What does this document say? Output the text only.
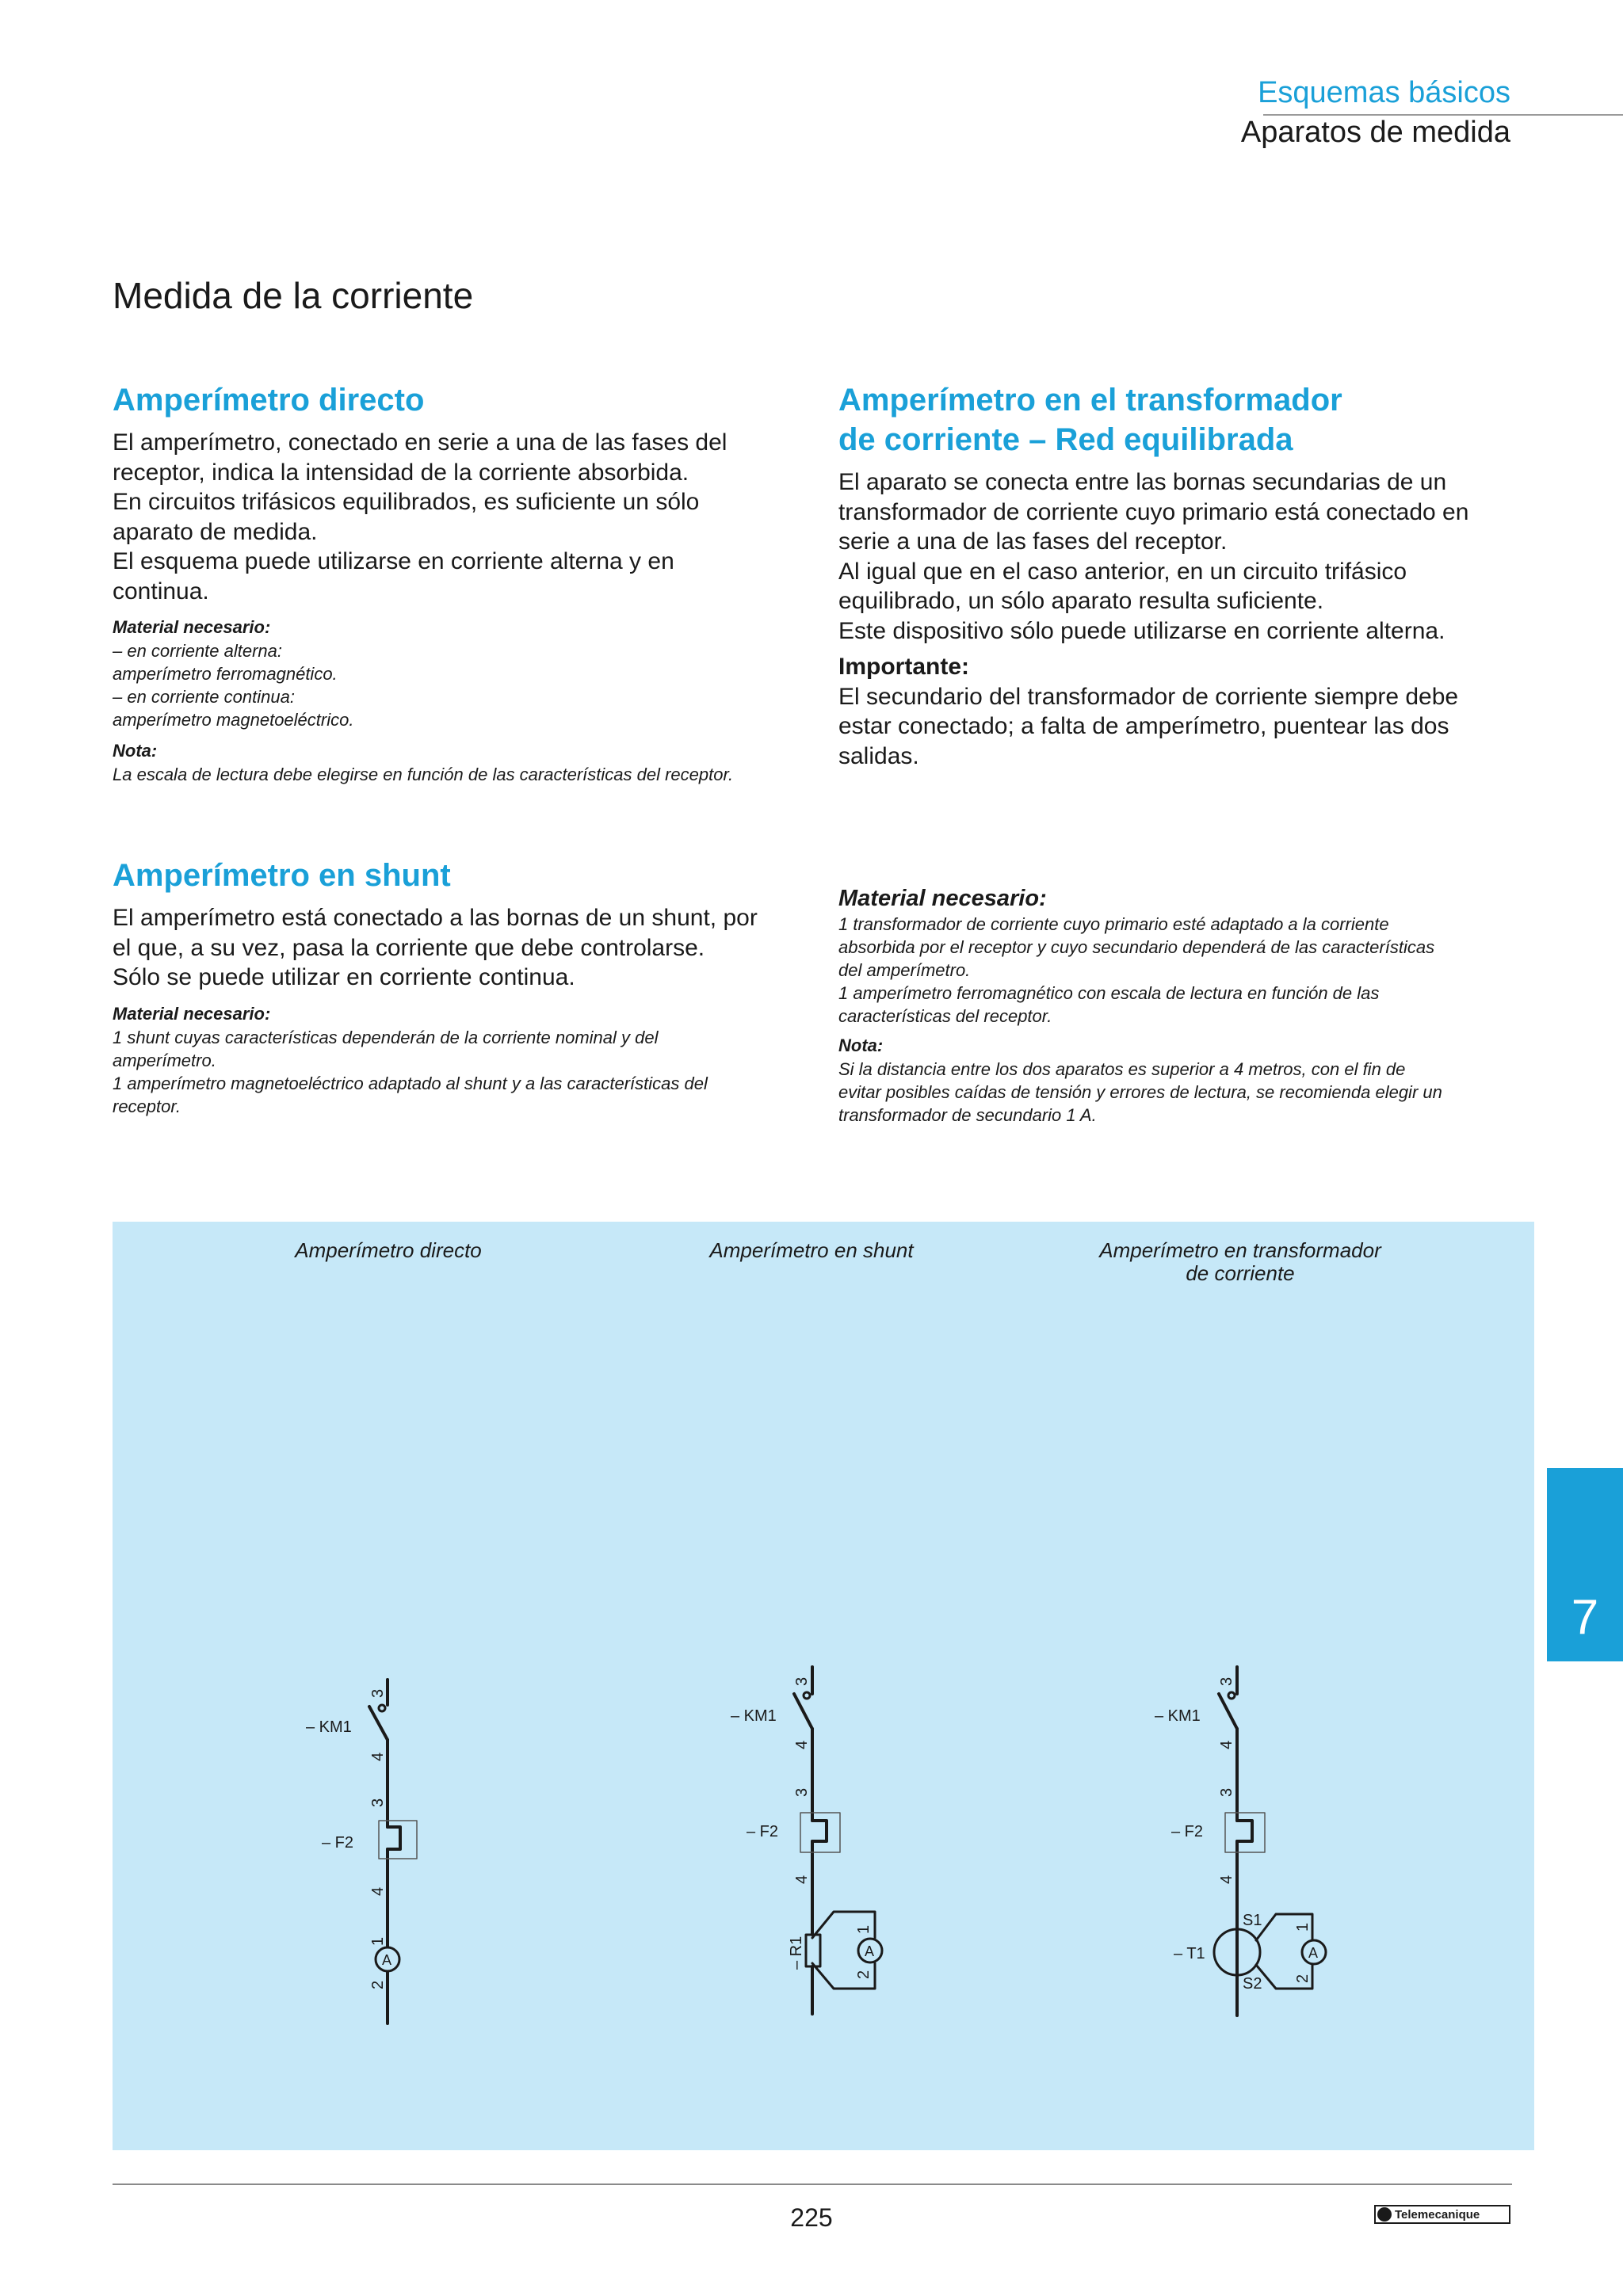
Esquemas básicos
Aparatos de medida
Medida de la corriente
Amperímetro directo

El amperímetro, conectado en serie a una de las fases del
receptor, indica la intensidad de la corriente absorbida.
En circuitos trifásicos equilibrados, es suficiente un sólo
aparato de medida.
El esquema puede utilizarse en corriente alterna y en
continua.

Material necesario:

– en corriente alterna:
amperímetro ferromagnético.
– en corriente continua:
amperímetro magnetoeléctrico.

Nota:

La escala de lectura debe elegirse en función de las características del receptor.

Amperímetro en shunt

El amperímetro está conectado a las bornas de un shunt, por
el que, a su vez, pasa la corriente que debe controlarse.
Sólo se puede utilizar en corriente continua.

Material necesario:

1 shunt cuyas características dependerán de la corriente nominal y del
amperímetro.
1 amperímetro magnetoeléctrico adaptado al shunt y a las características del
receptor.

Amperímetro en el transformador
de corriente – Red equilibrada

El aparato se conecta entre las bornas secundarias de un
transformador de corriente cuyo primario está conectado en
serie a una de las fases del receptor.
Al igual que en el caso anterior, en un circuito trifásico
equilibrado, un sólo aparato resulta suficiente.
Este dispositivo sólo puede utilizarse en corriente alterna.

Importante:

El secundario del transformador de corriente siempre debe
estar conectado; a falta de amperímetro, puentear las dos
salidas.

Material necesario:

1 transformador de corriente cuyo primario esté adaptado a la corriente
absorbida por el receptor y cuyo secundario dependerá de las características
del amperímetro.
1 amperímetro ferromagnético con escala de lectura en función de las
características del receptor.

Nota:

Si la distancia entre los dos aparatos es superior a 4 metros, con el fin de
evitar posibles caídas de tensión y errores de lectura, se recomienda elegir un
transformador de secundario 1 A.

Amperímetro directo	Amperímetro en shunt	Amperímetro en transformador
de corriente
– KM1
– F2
A
3
4
3
4
1
2
– KM1
– F2
A
– R1
3
4
3
4
1
2
– KM1
– F2
– T1
S1
S2
A
3
4
3
4
1
2
7
225	Telemecanique
